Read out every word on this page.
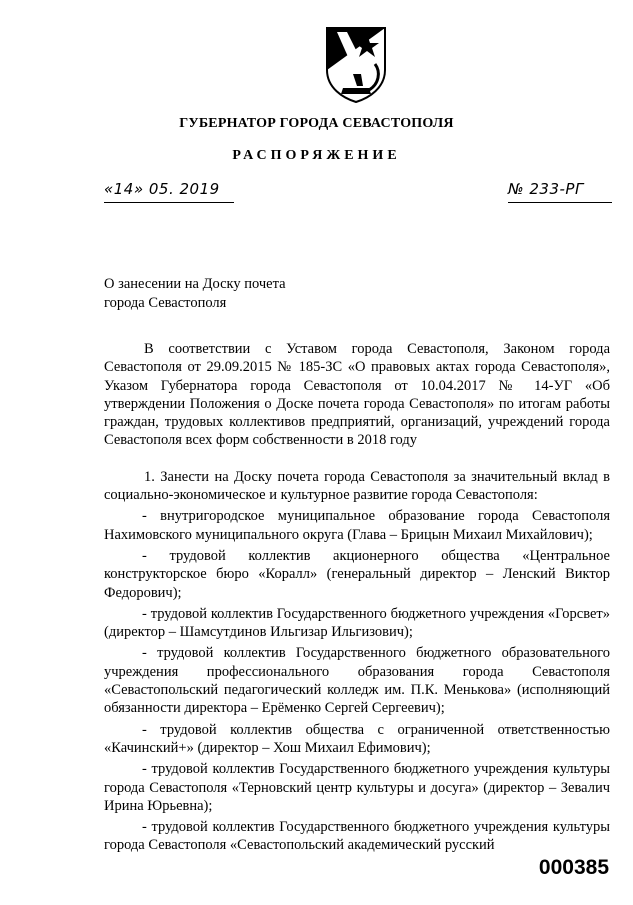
ГУБЕРНАТОР ГОРОДА СЕВАСТОПОЛЯ
РАСПОРЯЖЕНИЕ
«14» 05. 2019	№ 233-РГ
О занесении на Доску почета
города Севастополя

В соответствии с Уставом города Севастополя, Законом города Севастополя от 29.09.2015 № 185-ЗС «О правовых актах города Севастополя», Указом Губернатора города Севастополя от 10.04.2017 № 14-УГ «Об утверждении Положения о Доске почета города Севастополя» по итогам работы граждан, трудовых коллективов предприятий, организаций, учреждений города Севастополя всех форм собственности в 2018 году

1. Занести на Доску почета города Севастополя за значительный вклад в социально-экономическое и культурное развитие города Севастополя:

- внутригородское муниципальное образование города Севастополя Нахимовского муниципального округа (Глава – Брицын Михаил Михайлович);

- трудовой коллектив акционерного общества «Центральное конструкторское бюро «Коралл» (генеральный директор – Ленский Виктор Федорович);

- трудовой коллектив Государственного бюджетного учреждения «Горсвет» (директор – Шамсутдинов Ильгизар Ильгизович);

- трудовой коллектив Государственного бюджетного образовательного учреждения профессионального образования города Севастополя «Севастопольский педагогический колледж им. П.К. Менькова» (исполняющий обязанности директора – Ерёменко Сергей Сергеевич);

- трудовой коллектив общества с ограниченной ответственностью «Качинский+» (директор – Хош Михаил Ефимович);

- трудовой коллектив Государственного бюджетного учреждения культуры города Севастополя «Терновский центр культуры и досуга» (директор – Зевалич Ирина Юрьевна);

- трудовой коллектив Государственного бюджетного учреждения культуры города Севастополя «Севастопольский академический русский

000385
